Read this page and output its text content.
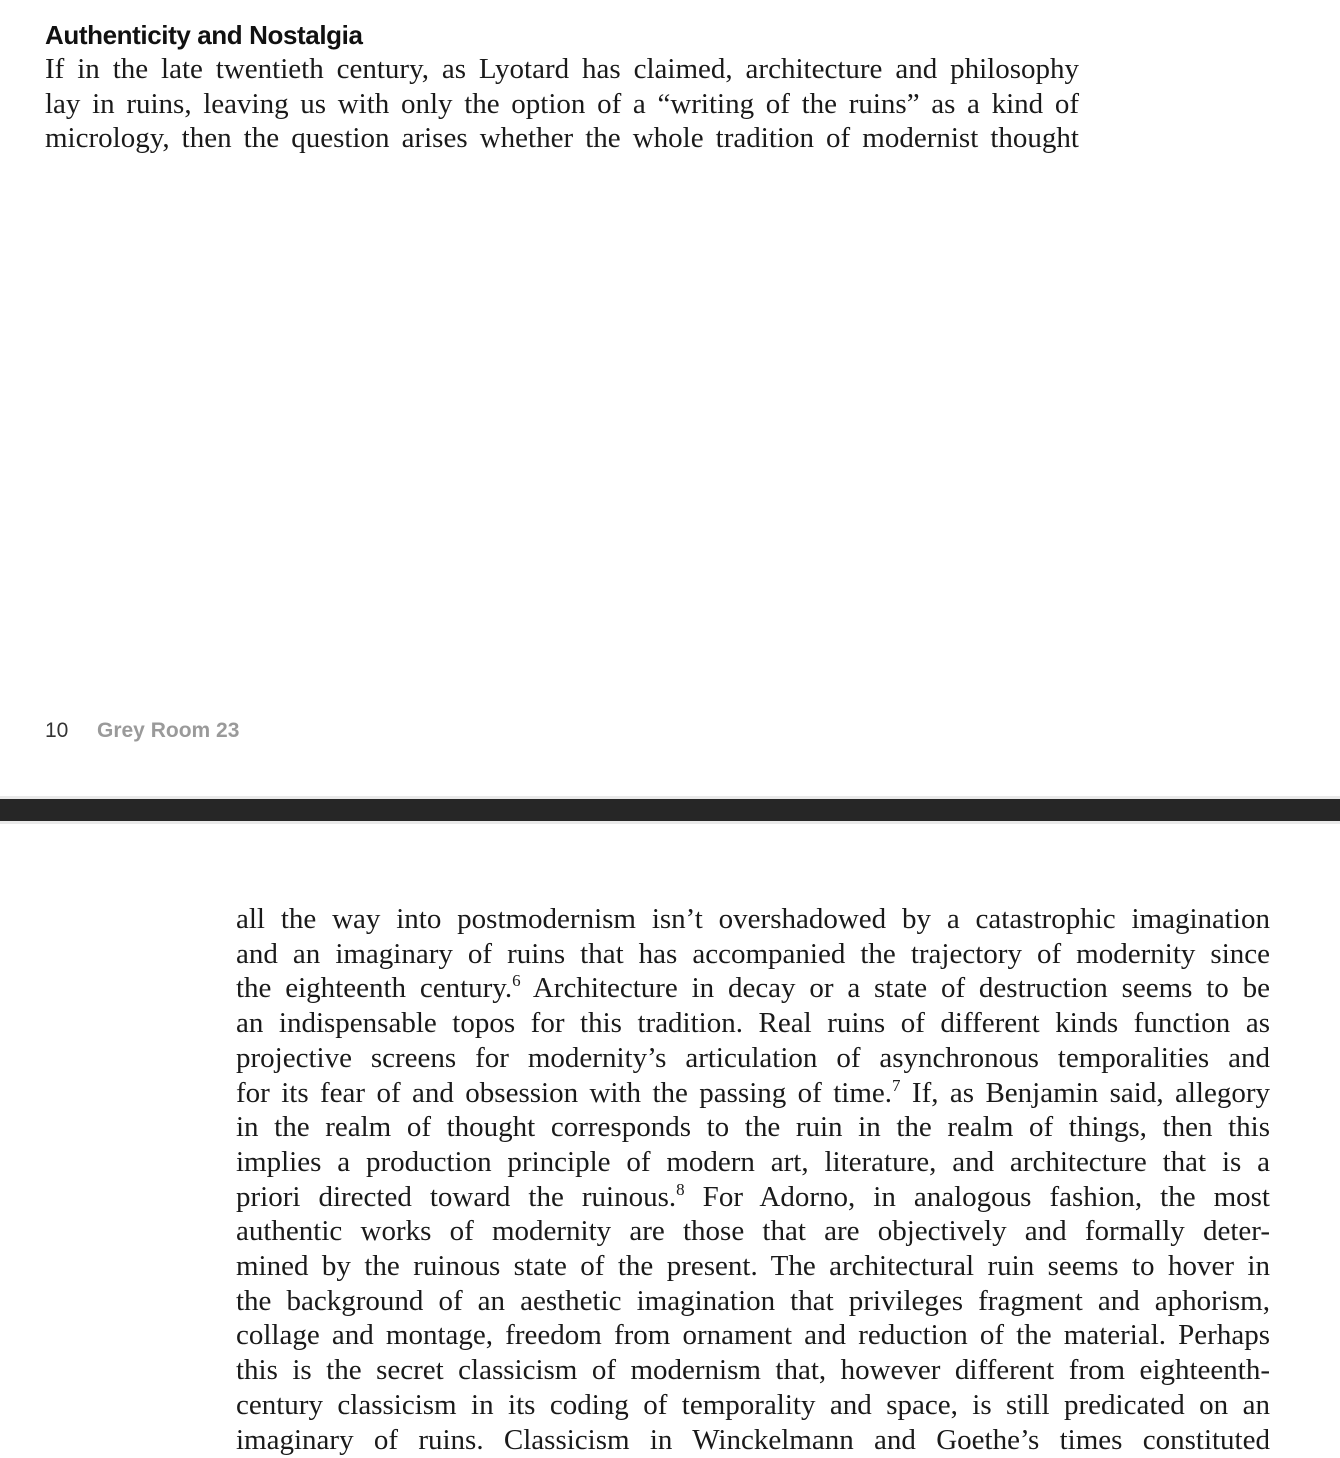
Authenticity and Nostalgia

If in the late twentieth century, as Lyotard has claimed, architecture and philosophy
lay in ruins, leaving us with only the option of a “writing of the ruins” as a kind of
micrology, then the question arises whether the whole tradition of modernist thought

10 Grey Room 23

all the way into postmodernism isn’t overshadowed by a catastrophic imagination
and an imaginary of ruins that has accompanied the trajectory of modernity since
the eighteenth century.$^6$ Architecture in decay or a state of destruction seems to be
an indispensable topos for this tradition. Real ruins of different kinds function as
projective screens for modernity’s articulation of asynchronous temporalities and
for its fear of and obsession with the passing of time.$^7$ If, as Benjamin said, allegory
in the realm of thought corresponds to the ruin in the realm of things, then this
implies a production principle of modern art, literature, and architecture that is a
priori directed toward the ruinous.$^8$ For Adorno, in analogous fashion, the most
authentic works of modernity are those that are objectively and formally deter-
mined by the ruinous state of the present. The architectural ruin seems to hover in
the background of an aesthetic imagination that privileges fragment and aphorism,
collage and montage, freedom from ornament and reduction of the material. Perhaps
this is the secret classicism of modernism that, however different from eighteenth-
century classicism in its coding of temporality and space, is still predicated on an
imaginary of ruins. Classicism in Winckelmann and Goethe’s times constituted
